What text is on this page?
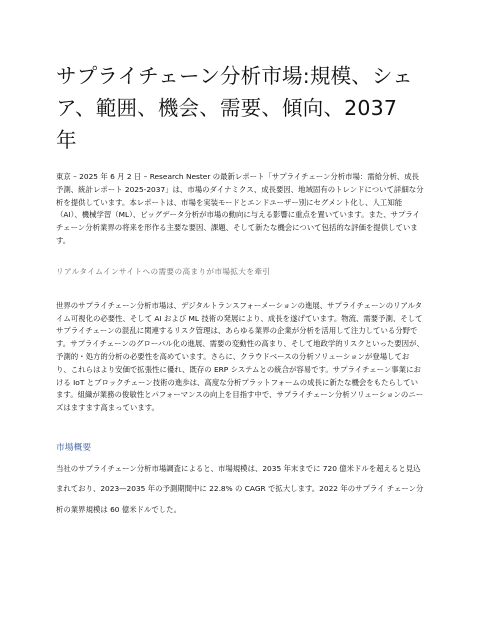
サプライチェーン分析市場:規模、シェア、範囲、機会、需要、傾向、2037 年

東京 – 2025 年 6 月 2 日 – Research Nester の最新レポート「サプライチェーン分析市場：需給分析、成長予測、統計レポート 2025-2037」は、市場のダイナミクス、成長要因、地域固有のトレンドについて詳細な分析を提供しています。本レポートは、市場を実装モードとエンドユーザー別にセグメント化し、人工知能（AI）、機械学習（ML）、ビッグデータ分析が市場の動向に与える影響に重点を置いています。また、サプライチェーン分析業界の将来を形作る主要な要因、課題、そして新たな機会について包括的な評価を提供しています。

リアルタイムインサイトへの需要の高まりが市場拡大を牽引

世界のサプライチェーン分析市場は、デジタルトランスフォーメーションの進展、サプライチェーンのリアルタイム可視化の必要性、そして AI および ML 技術の発展により、成長を遂げています。物流、需要予測、そしてサプライチェーンの混乱に関連するリスク管理は、あらゆる業界の企業が分析を活用して注力している分野です。サプライチェーンのグローバル化の進展、需要の変動性の高まり、そして地政学的リスクといった要因が、予測的・処方的分析の必要性を高めています。さらに、クラウドベースの分析ソリューションが登場しており、これらはより安価で拡張性に優れ、既存の ERP システムとの統合が容易です。サプライチェーン事業における IoT とブロックチェーン技術の進歩は、高度な分析プラットフォームの成長に新たな機会をもたらしています。組織が業務の俊敏性とパフォーマンスの向上を目指す中で、サプライチェーン分析ソリューションのニーズはますます高まっています。

市場概要

当社のサプライチェーン分析市場調査によると、市場規模は、2035 年末までに 720 億米ドルを超えると見込まれており、2023—2035 年の予測期間中に 22.8% の CAGR で拡大します。2022 年のサプライ チェーン分析の業界規模は 60 億米ドルでした。
